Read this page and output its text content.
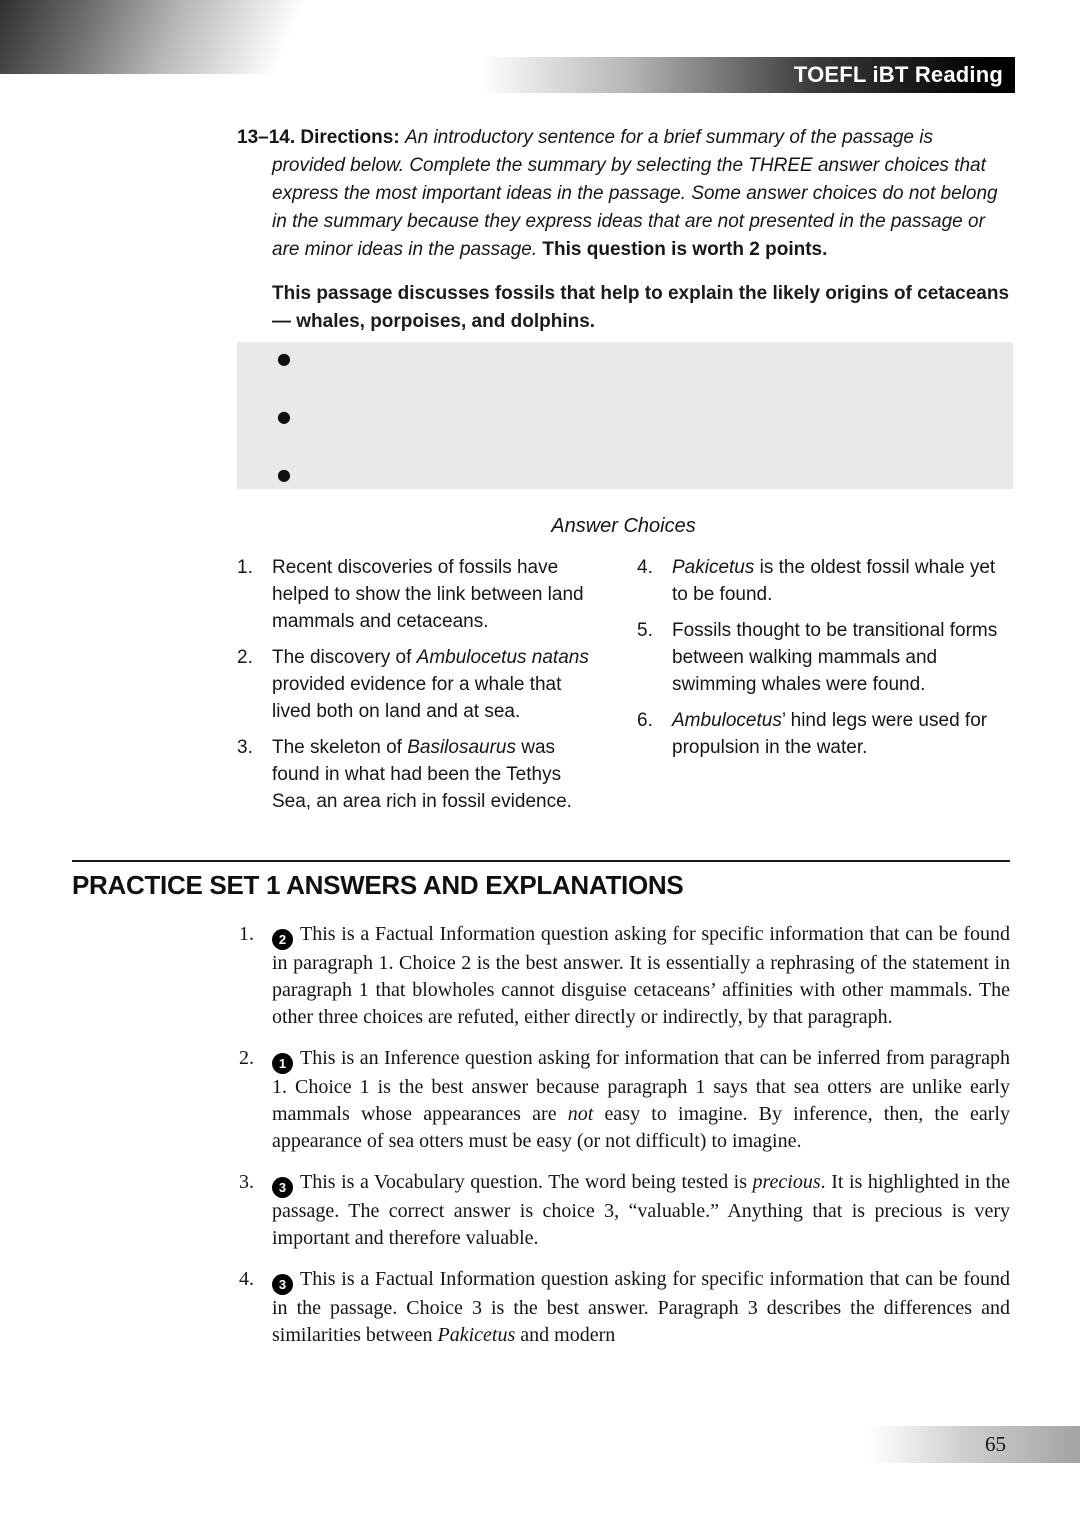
TOEFL iBT Reading

13–14. Directions: An introductory sentence for a brief summary of the passage is provided below. Complete the summary by selecting the THREE answer choices that express the most important ideas in the passage. Some answer choices do not belong in the summary because they express ideas that are not presented in the passage or are minor ideas in the passage. This question is worth 2 points.

This passage discusses fossils that help to explain the likely origins of cetaceans— whales, porpoises, and dolphins.

●
●
●
Answer Choices
1.	Recent discoveries of fossils have helped to show the link between land mammals and cetaceans.
2.	The discovery of Ambulocetus natans provided evidence for a whale that lived both on land and at sea.
3.	The skeleton of Basilosaurus was found in what had been the Tethys Sea, an area rich in fossil evidence.
4.	Pakicetus is the oldest fossil whale yet to be found.
5.	Fossils thought to be transitional forms between walking mammals and swimming whales were found.
6.	Ambulocetus’ hind legs were used for propulsion in the water.
PRACTICE SET 1 ANSWERS AND EXPLANATIONS
1. 2 This is a Factual Information question asking for specific information that can be found in paragraph 1. Choice 2 is the best answer. It is essentially a rephrasing of the statement in paragraph 1 that blowholes cannot disguise cetaceans’ affinities with other mammals. The other three choices are refuted, either directly or indirectly, by that paragraph.
2. 1 This is an Inference question asking for information that can be inferred from paragraph 1. Choice 1 is the best answer because paragraph 1 says that sea otters are unlike early mammals whose appearances are not easy to imagine. By inference, then, the early appearance of sea otters must be easy (or not difficult) to imagine.
3. 3 This is a Vocabulary question. The word being tested is precious. It is highlighted in the passage. The correct answer is choice 3, “valuable.” Anything that is precious is very important and therefore valuable.
4. 3 This is a Factual Information question asking for specific information that can be found in the passage. Choice 3 is the best answer. Paragraph 3 describes the differences and similarities between Pakicetus and modern
65
